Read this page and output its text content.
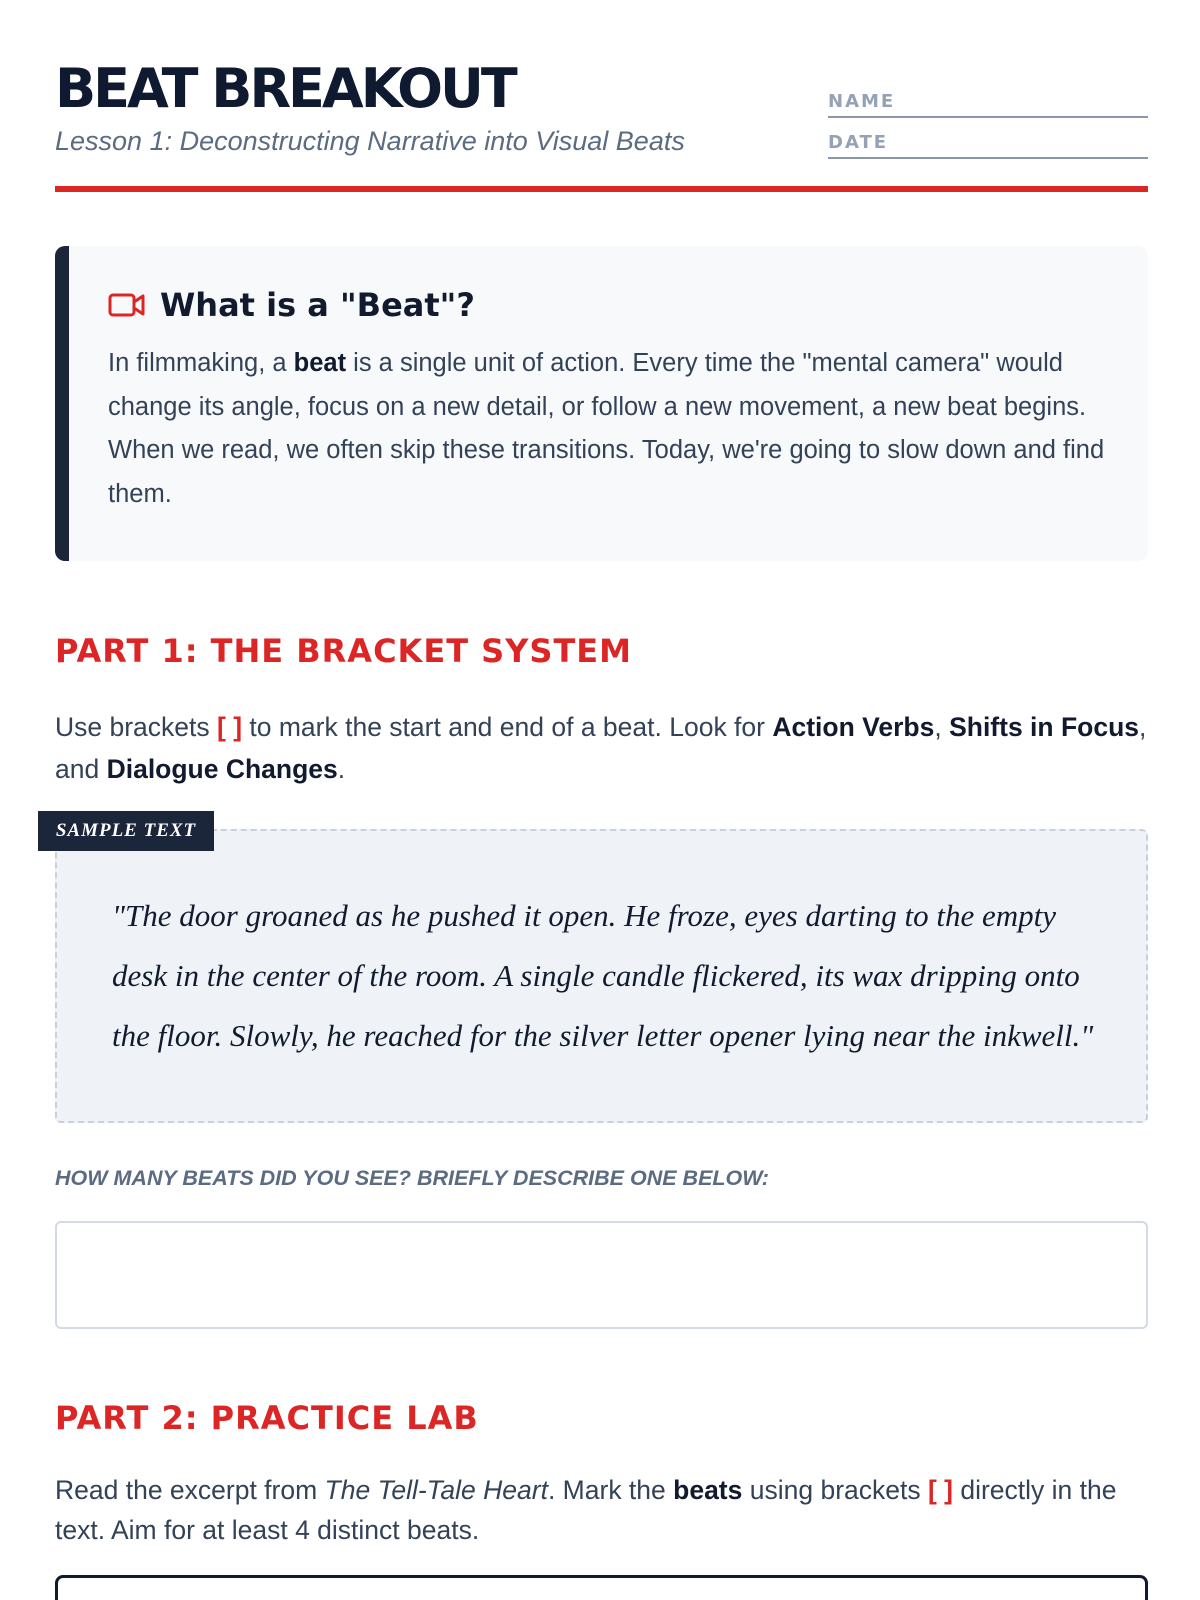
BEAT BREAKOUT
Lesson 1: Deconstructing Narrative into Visual Beats
NAME
DATE
What is a "Beat"?
In filmmaking, a beat is a single unit of action. Every time the "mental camera" would change its angle, focus on a new detail, or follow a new movement, a new beat begins. When we read, we often skip these transitions. Today, we're going to slow down and find them.
PART 1: THE BRACKET SYSTEM
Use brackets [ ] to mark the start and end of a beat. Look for Action Verbs, Shifts in Focus, and Dialogue Changes.
"The door groaned as he pushed it open. He froze, eyes darting to the empty desk in the center of the room. A single candle flickered, its wax dripping onto the floor. Slowly, he reached for the silver letter opener lying near the inkwell."
SAMPLE TEXT
HOW MANY BEATS DID YOU SEE? BRIEFLY DESCRIBE ONE BELOW:
PART 2: PRACTICE LAB
Read the excerpt from The Tell-Tale Heart. Mark the beats using brackets [ ] directly in the text. Aim for at least 4 distinct beats.
